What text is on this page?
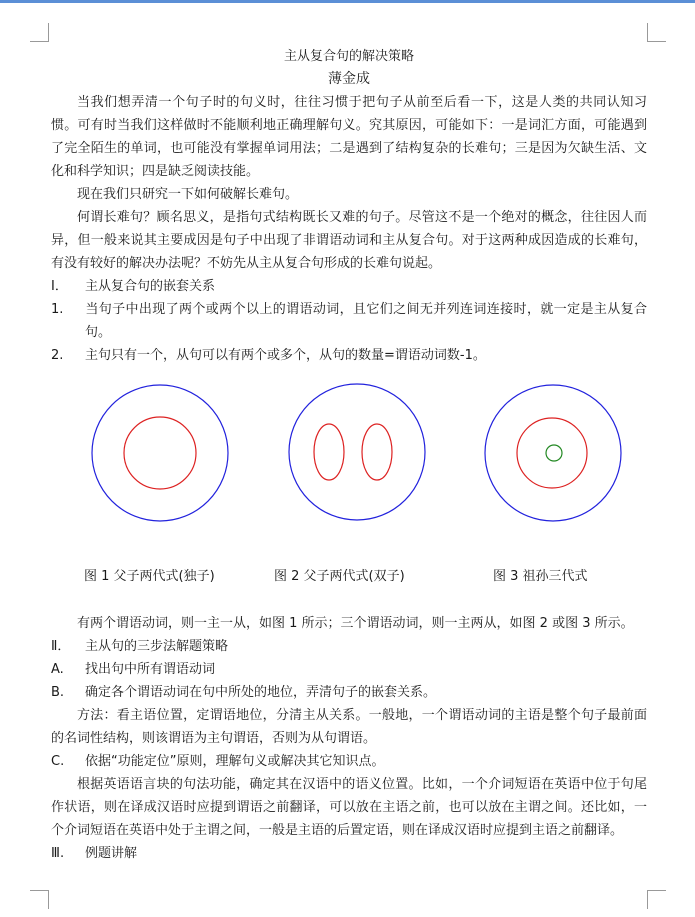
主从复合句的解决策略
薄金成

当我们想弄清一个句子时的句义时，往往习惯于把句子从前至后看一下，这是人类的共同认知习惯。可有时当我们这样做时不能顺利地正确理解句义。究其原因，可能如下：一是词汇方面，可能遇到了完全陌生的单词，也可能没有掌握单词用法；二是遇到了结构复杂的长难句；三是因为欠缺生活、文化和科学知识；四是缺乏阅读技能。

现在我们只研究一下如何破解长难句。

何谓长难句？顾名思义，是指句式结构既长又难的句子。尽管这不是一个绝对的概念，往往因人而异，但一般来说其主要成因是句子中出现了非谓语动词和主从复合句。对于这两种成因造成的长难句，有没有较好的解决办法呢？不妨先从主从复合句形成的长难句说起。

Ⅰ．	主从复合句的嵌套关系

1. 当句子中出现了两个或两个以上的谓语动词，且它们之间无并列连词连接时，就一定是主从复合句。

2. 主句只有一个，从句可以有两个或多个，从句的数量=谓语动词数-1。

图 1 父子两代式(独子)	图 2 父子两代式(双子)	图 3 祖孙三代式

有两个谓语动词，则一主一从，如图 1 所示；三个谓语动词，则一主两从，如图 2 或图 3 所示。

Ⅱ．	主从句的三步法解题策略

A. 找出句中所有谓语动词

B. 确定各个谓语动词在句中所处的地位，弄清句子的嵌套关系。

方法：看主语位置，定谓语地位，分清主从关系。一般地，一个谓语动词的主语是整个句子最前面的名词性结构，则该谓语为主句谓语，否则为从句谓语。

C. 依据“功能定位”原则，理解句义或解决其它知识点。

根据英语语言块的句法功能，确定其在汉语中的语义位置。比如，一个介词短语在英语中位于句尾作状语，则在译成汉语时应提到谓语之前翻译，可以放在主语之前，也可以放在主谓之间。还比如，一个介词短语在英语中处于主谓之间，一般是主语的后置定语，则在译成汉语时应提到主语之前翻译。

Ⅲ.	例题讲解
